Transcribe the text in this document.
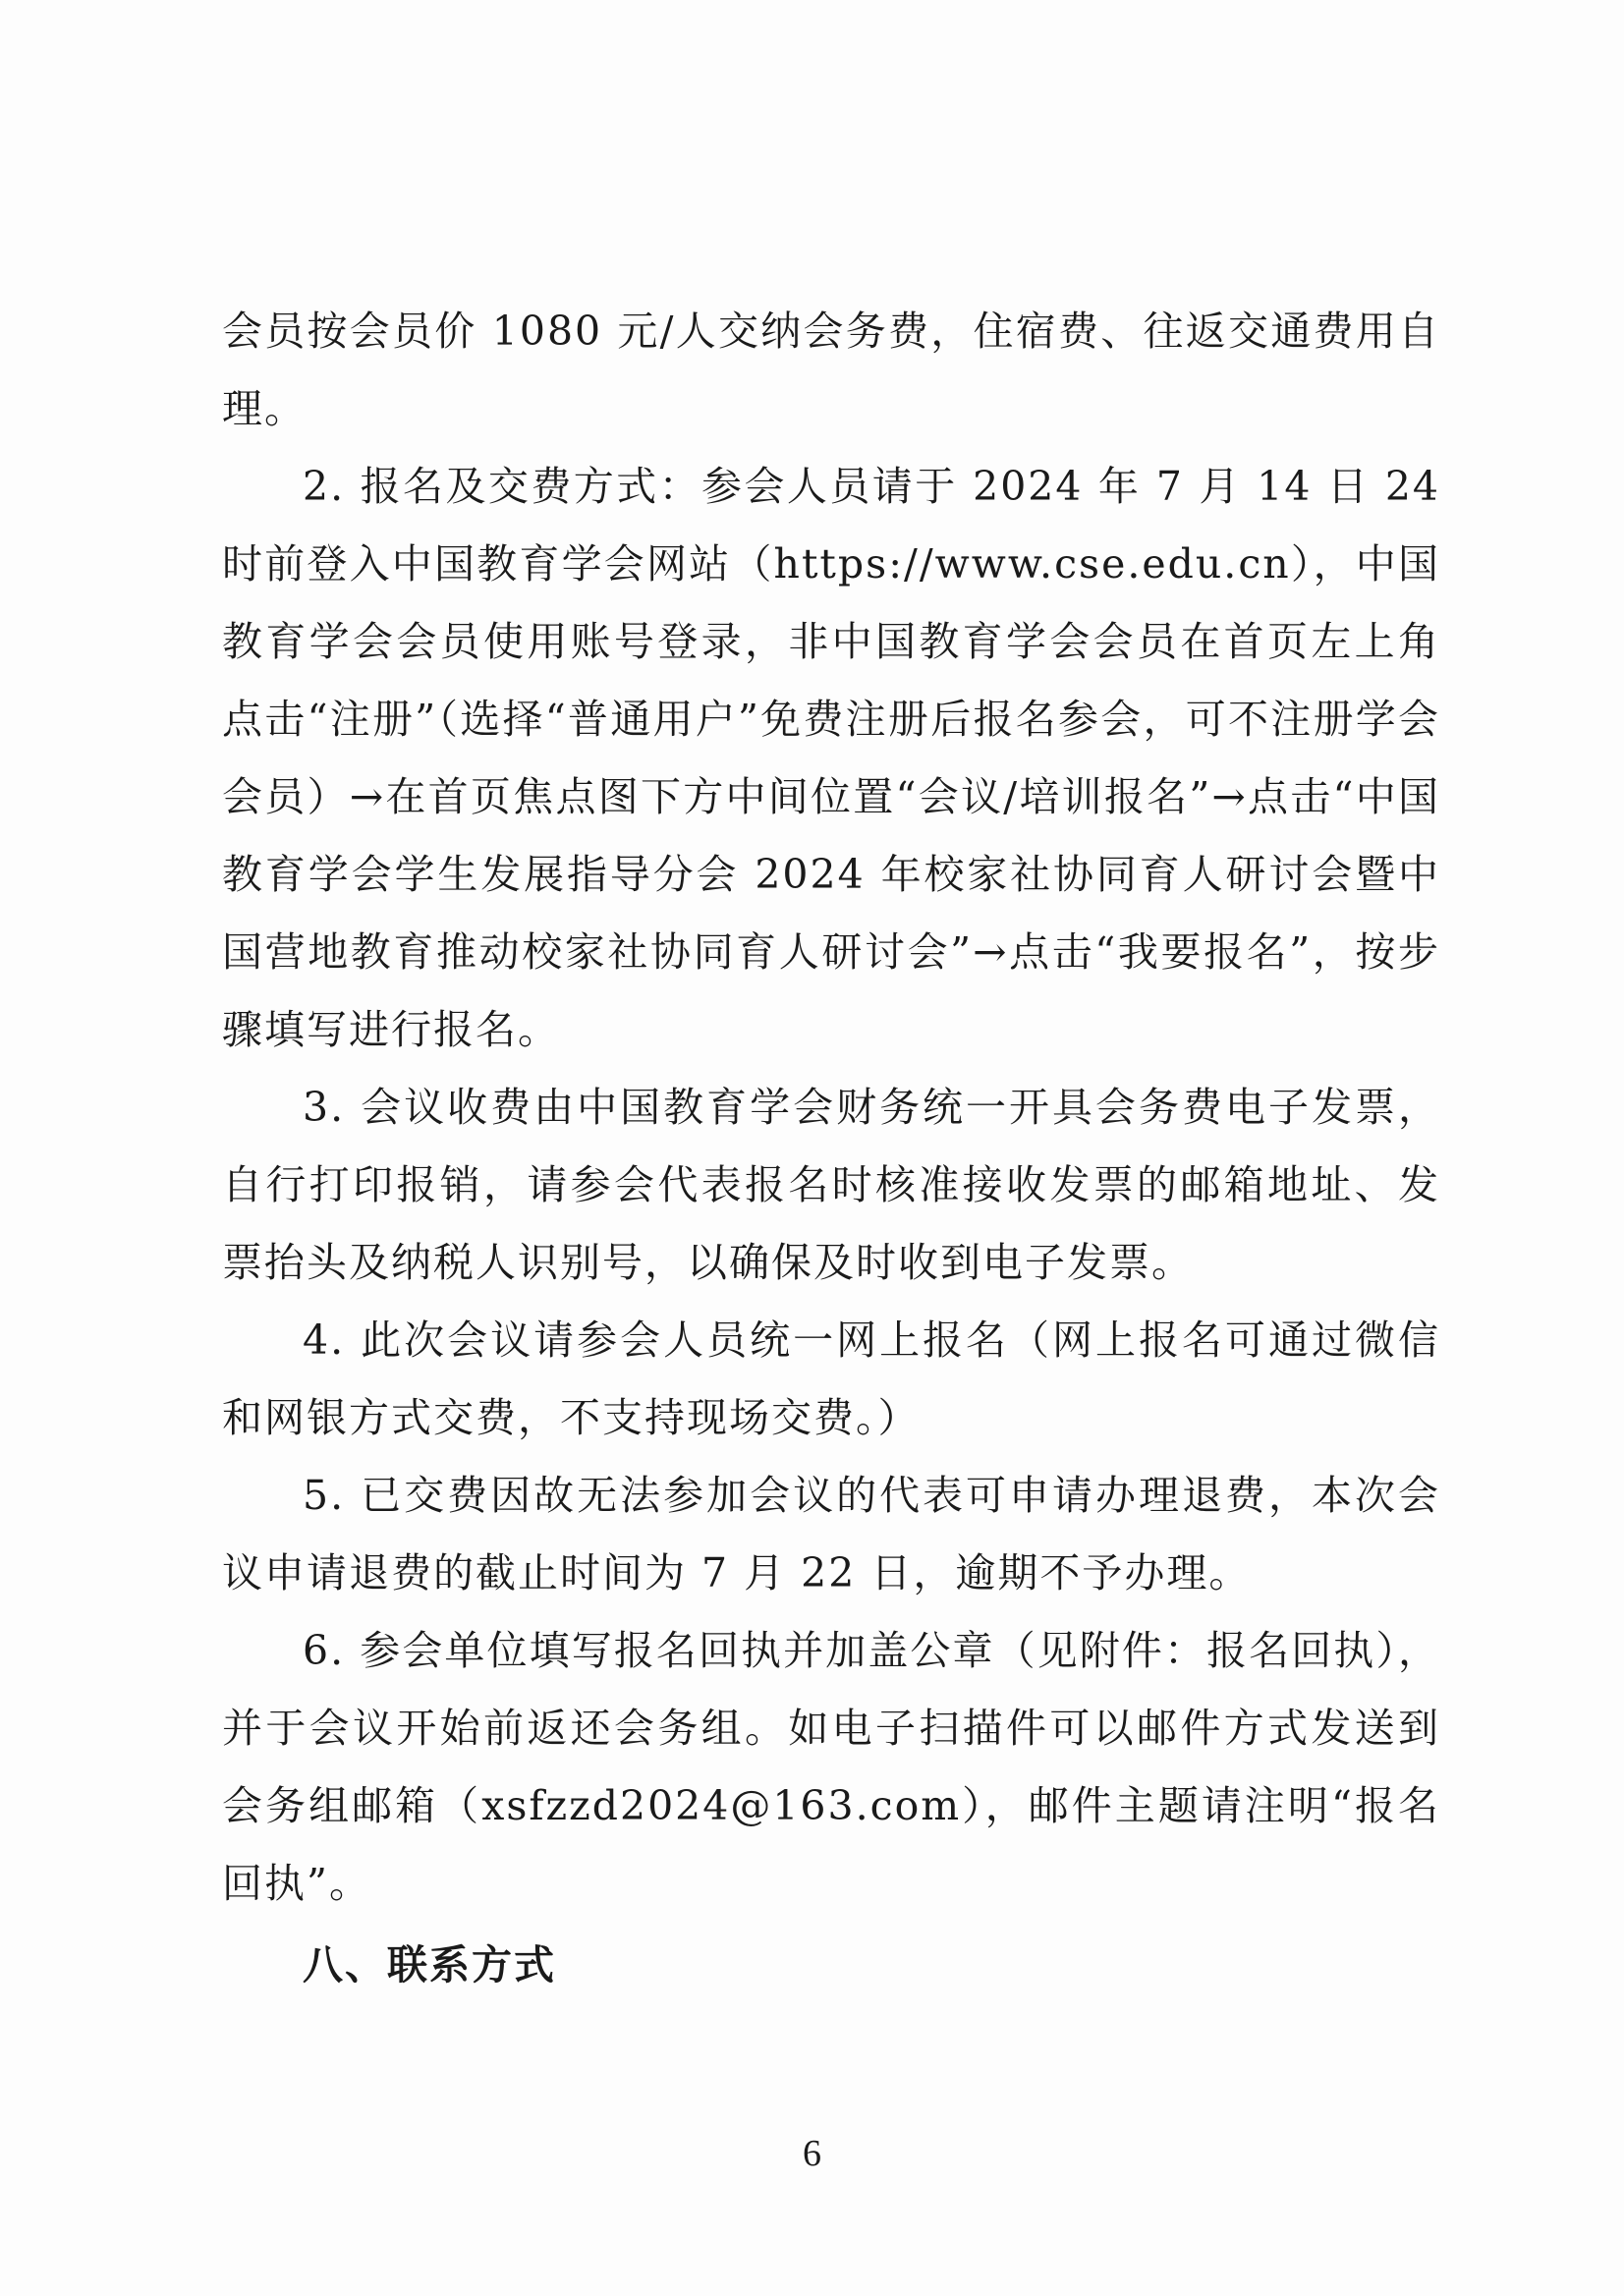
会员按会员价 1080 元/人交纳会务费，住宿费、往返交通费用自理。

2. 报名及交费方式：参会人员请于 2024 年 7 月 14 日 24 时前登入中国教育学会网站（https://www.cse.edu.cn），中国教育学会会员使用账号登录，非中国教育学会会员在首页左上角点击“注册”（选择“普通用户”免费注册后报名参会，可不注册学会会员）→在首页焦点图下方中间位置“会议/培训报名”→点击“中国教育学会学生发展指导分会 2024 年校家社协同育人研讨会暨中国营地教育推动校家社协同育人研讨会”→点击“我要报名”，按步骤填写进行报名。

3. 会议收费由中国教育学会财务统一开具会务费电子发票，自行打印报销，请参会代表报名时核准接收发票的邮箱地址、发票抬头及纳税人识别号，以确保及时收到电子发票。

4. 此次会议请参会人员统一网上报名（网上报名可通过微信和网银方式交费，不支持现场交费。）

5. 已交费因故无法参加会议的代表可申请办理退费，本次会议申请退费的截止时间为 7 月 22 日，逾期不予办理。

6. 参会单位填写报名回执并加盖公章（见附件：报名回执），并于会议开始前返还会务组。如电子扫描件可以邮件方式发送到会务组邮箱（xsfzzd2024@163.com），邮件主题请注明“报名回执”。

八、联系方式

6
